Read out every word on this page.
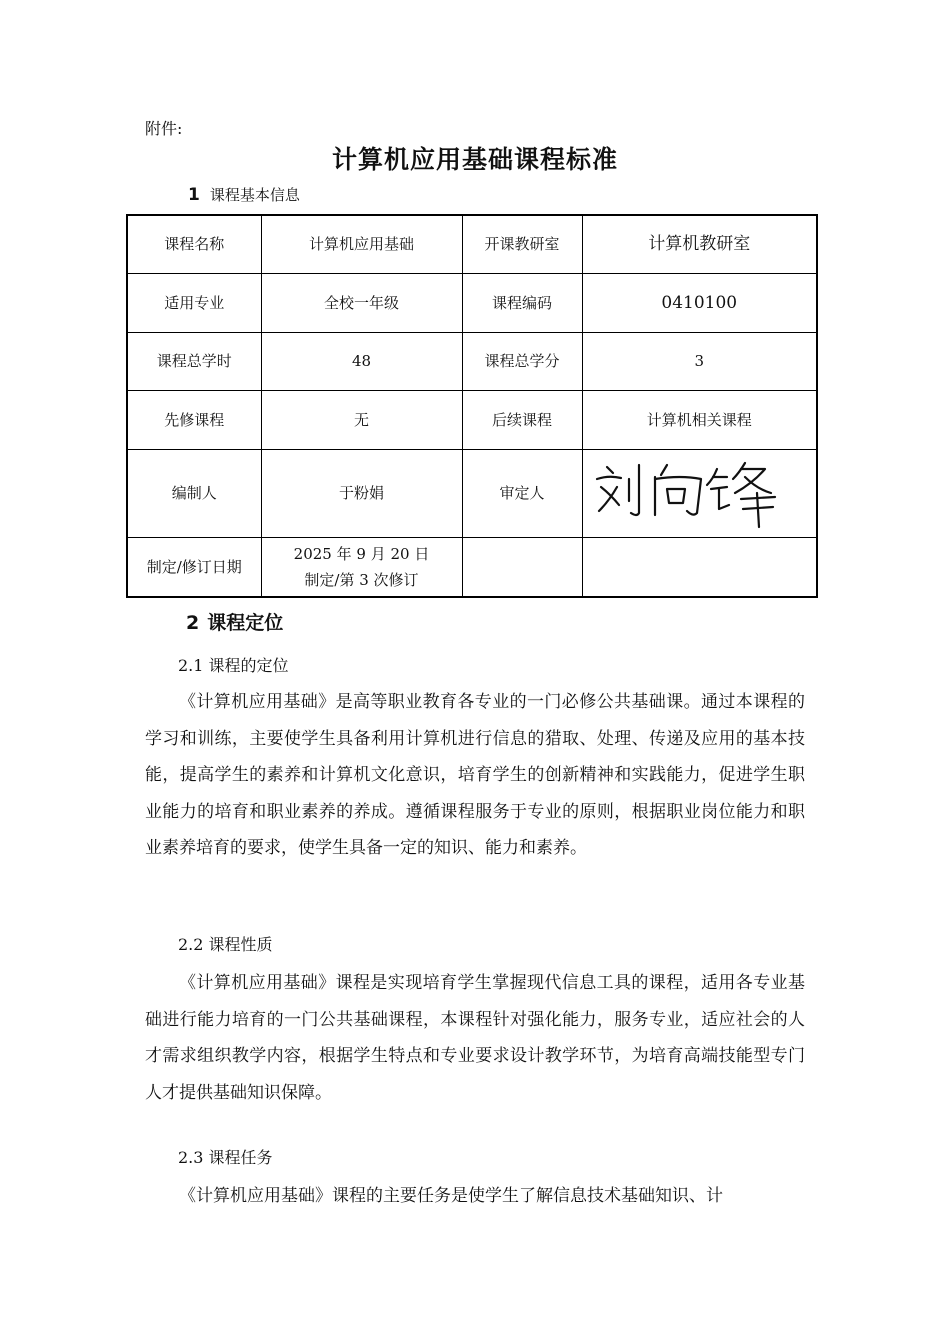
附件:
计算机应用基础课程标准
1 课程基本信息
课程名称	计算机应用基础	开课教研室	计算机教研室
适用专业	全校一年级	课程编码	0410100
课程总学时	48	课程总学分	3
先修课程	无	后续课程	计算机相关课程
编制人	于粉娟	审定人	

制定/修订日期	2025 年 9 月 20 日
制定/第 3 次修订		

2 课程定位
2.1 课程的定位

《计算机应用基础》是高等职业教育各专业的一门必修公共基础课。通过本课程的学习和训练，主要使学生具备利用计算机进行信息的猎取、处理、传递及应用的基本技能，提高学生的素养和计算机文化意识，培育学生的创新精神和实践能力，促进学生职业能力的培育和职业素养的养成。遵循课程服务于专业的原则，根据职业岗位能力和职业素养培育的要求，使学生具备一定的知识、能力和素养。

2.2 课程性质

《计算机应用基础》课程是实现培育学生掌握现代信息工具的课程，适用各专业基础进行能力培育的一门公共基础课程，本课程针对强化能力，服务专业，适应社会的人才需求组织教学内容，根据学生特点和专业要求设计教学环节，为培育高端技能型专门人才提供基础知识保障。

2.3 课程任务

《计算机应用基础》课程的主要任务是使学生了解信息技术基础知识、计
